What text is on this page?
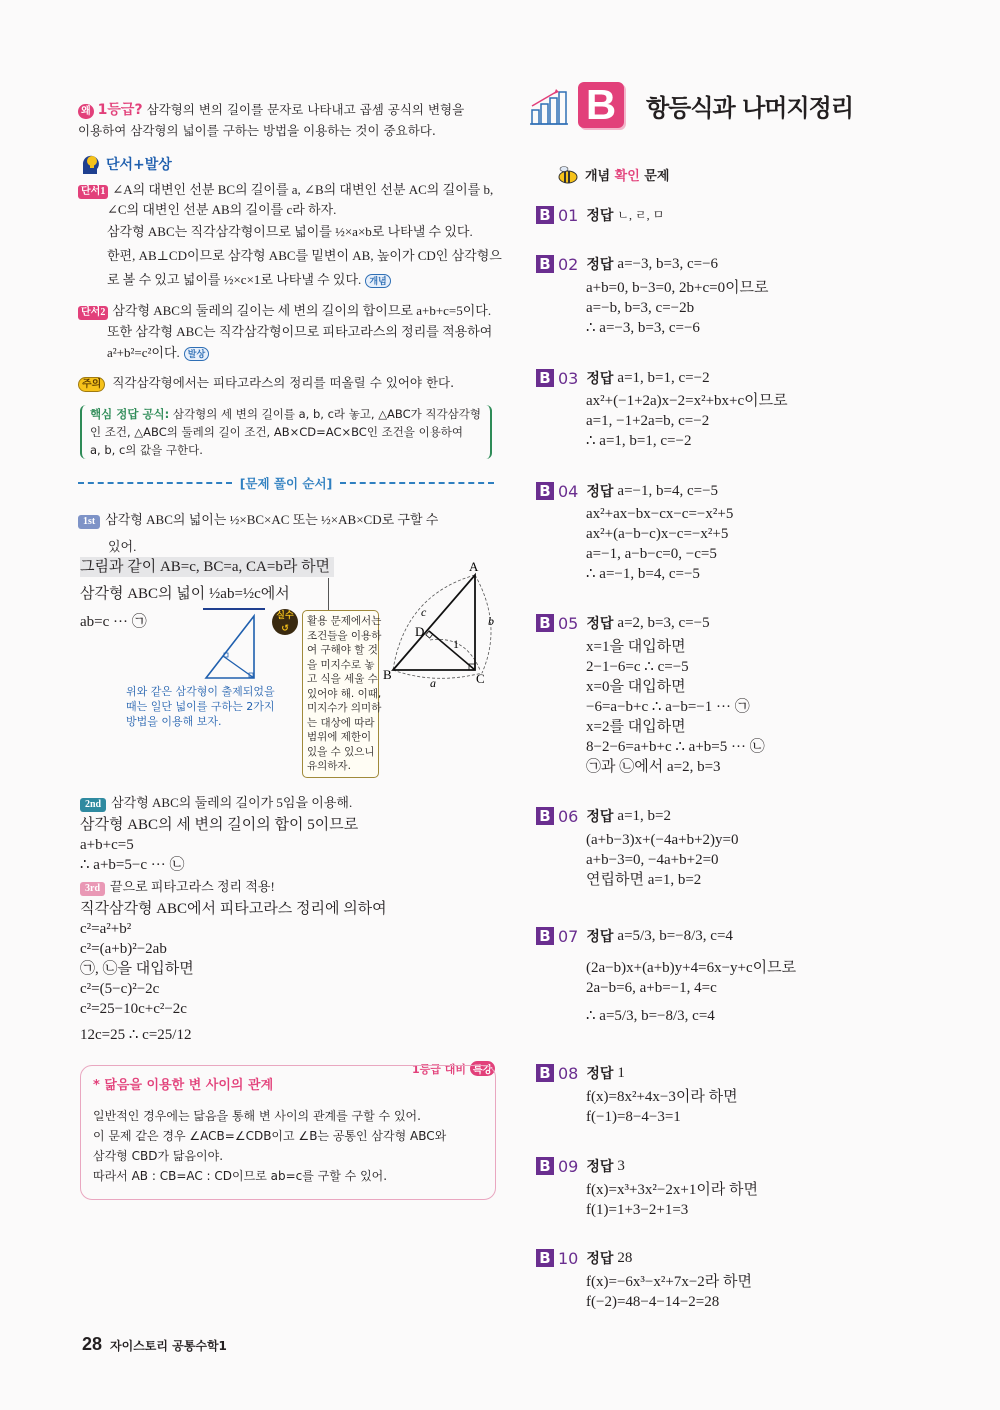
왜 1등급? 삼각형의 변의 길이를 문자로 나타내고 곱셈 공식의 변형을
이용하여 삼각형의 넓이를 구하는 방법을 이용하는 것이 중요하다.
단서+발상
단서1 ∠A의 대변인 선분 BC의 길이를 a, ∠B의 대변인 선분 AC의 길이를 b,
∠C의 대변인 선분 AB의 길이를 c라 하자.
삼각형 ABC는 직각삼각형이므로 넓이를 ½×a×b로 나타낼 수 있다.
한편, AB⊥CD이므로 삼각형 ABC를 밑변이 AB, 높이가 CD인 삼각형으
로 볼 수 있고 넓이를 ½×c×1로 나타낼 수 있다. 개념
단서2 삼각형 ABC의 둘레의 길이는 세 변의 길이의 합이므로 a+b+c=5이다.
또한 삼각형 ABC는 직각삼각형이므로 피타고라스의 정리를 적용하여
a²+b²=c²이다. 발상
주의 직각삼각형에서는 피타고라스의 정리를 떠올릴 수 있어야 한다.
핵심 정답 공식: 삼각형의 세 변의 길이를 a, b, c라 놓고, △ABC가 직각삼각형
인 조건, △ABC의 둘레의 길이 조건, AB×CD=AC×BC인 조건을 이용하여
a, b, c의 값을 구한다.
[문제 풀이 순서]
1st 삼각형 ABC의 넓이는 ½×BC×AC 또는 ½×AB×CD로 구할 수
있어.
그림과 같이 AB=c, BC=a, CA=b라 하면
삼각형 ABC의 넓이 ½ab=½c에서
ab=c ··· ㉠
위와 같은 삼각형이 출제되었을
때는 일단 넓이를 구하는 2가지
방법을 이용해 보자.
실수
↺
활용 문제에서는
조건들을 이용하
여 구해야 할 것
을 미지수로 놓
고 식을 세울 수
있어야 해. 이때,
미지수가 의미하
는 대상에 따라
범위에 제한이
있을 수 있으니
유의하자.
A
B	C
D
a
b
c
1
2nd 삼각형 ABC의 둘레의 길이가 5임을 이용해.
삼각형 ABC의 세 변의 길이의 합이 5이므로
a+b+c=5
∴ a+b=5−c ··· ㉡
3rd 끝으로 피타고라스 정리 적용!
직각삼각형 ABC에서 피타고라스 정리에 의하여
c²=a²+b²
c²=(a+b)²−2ab
㉠, ㉡을 대입하면
c²=(5−c)²−2c
c²=25−10c+c²−2c
12c=25 ∴ c=25/12
1등급 대비 특강
* 닮음을 이용한 변 사이의 관계
일반적인 경우에는 닮음을 통해 변 사이의 관계를 구할 수 있어.
이 문제 같은 경우 ∠ACB=∠CDB이고 ∠B는 공통인 삼각형 ABC와
삼각형 CBD가 닮음이야.
따라서 AB : CB=AC : CD이므로 ab=c를 구할 수 있어.
28 자이스토리 공통수학1
B	항등식과 나머지정리
개념 확인 문제
B 01 정답 ㄴ, ㄹ, ㅁ
B 02 정답 a=−3, b=3, c=−6
a+b=0, b−3=0, 2b+c=0이므로
a=−b, b=3, c=−2b
∴ a=−3, b=3, c=−6
B 03 정답 a=1, b=1, c=−2
ax²+(−1+2a)x−2=x²+bx+c이므로
a=1, −1+2a=b, c=−2
∴ a=1, b=1, c=−2
B 04 정답 a=−1, b=4, c=−5
ax²+ax−bx−cx−c=−x²+5
ax²+(a−b−c)x−c=−x²+5
a=−1, a−b−c=0, −c=5
∴ a=−1, b=4, c=−5
B 05 정답 a=2, b=3, c=−5
x=1을 대입하면
2−1−6=c ∴ c=−5
x=0을 대입하면
−6=a−b+c ∴ a−b=−1 ··· ㉠
x=2를 대입하면
8−2−6=a+b+c ∴ a+b=5 ··· ㉡
㉠과 ㉡에서 a=2, b=3
B 06 정답 a=1, b=2
(a+b−3)x+(−4a+b+2)y=0
a+b−3=0, −4a+b+2=0
연립하면 a=1, b=2
B 07 정답 a=5/3, b=−8/3, c=4
(2a−b)x+(a+b)y+4=6x−y+c이므로
2a−b=6, a+b=−1, 4=c
∴ a=5/3, b=−8/3, c=4
B 08 정답 1
f(x)=8x²+4x−3이라 하면
f(−1)=8−4−3=1
B 09 정답 3
f(x)=x³+3x²−2x+1이라 하면
f(1)=1+3−2+1=3
B 10 정답 28
f(x)=−6x³−x²+7x−2라 하면
f(−2)=48−4−14−2=28
